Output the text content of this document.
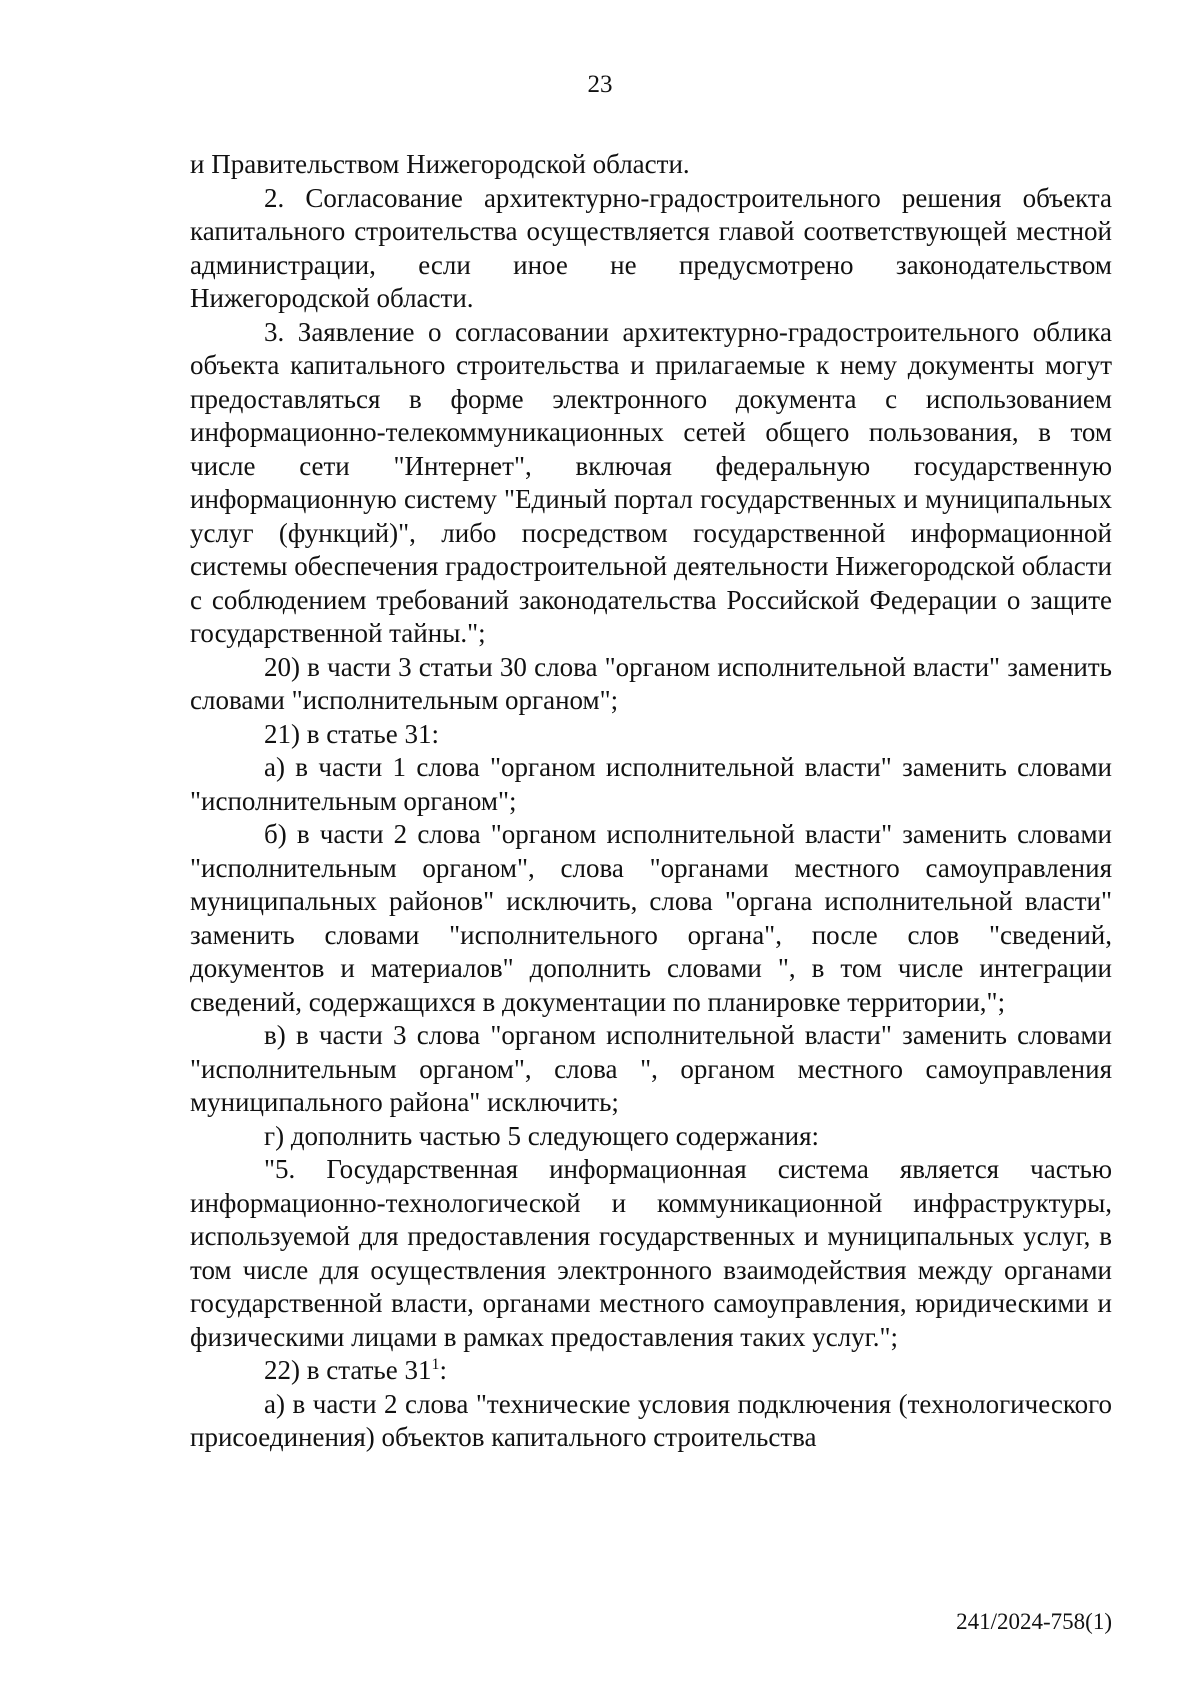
23

и Правительством Нижегородской области.

2. Согласование архитектурно-градостроительного решения объекта капитального строительства осуществляется главой соответствующей местной администрации, если иное не предусмотрено законодательством Нижегородской области.

3. Заявление о согласовании архитектурно-градостроительного облика объекта капитального строительства и прилагаемые к нему документы могут предоставляться в форме электронного документа с использованием информационно-телекоммуникационных сетей общего пользования, в том числе сети "Интернет", включая федеральную государственную информационную систему "Единый портал государственных и муниципальных услуг (функций)", либо посредством государственной информационной системы обеспечения градостроительной деятельности Нижегородской области с соблюдением требований законодательства Российской Федерации о защите государственной тайны.";

20) в части 3 статьи 30 слова "органом исполнительной власти" заменить словами "исполнительным органом";

21) в статье 31:

а) в части 1 слова "органом исполнительной власти" заменить словами "исполнительным органом";

б) в части 2 слова "органом исполнительной власти" заменить словами "исполнительным органом", слова "органами местного самоуправления муниципальных районов" исключить, слова "органа исполнительной власти" заменить словами "исполнительного органа", после слов "сведений, документов и материалов" дополнить словами ", в том числе интеграции сведений, содержащихся в документации по планировке территории,";

в) в части 3 слова "органом исполнительной власти" заменить словами "исполнительным органом", слова ", органом местного самоуправления муниципального района" исключить;

г) дополнить частью 5 следующего содержания:

"5. Государственная информационная система является частью информационно-технологической и коммуникационной инфраструктуры, используемой для предоставления государственных и муниципальных услуг, в том числе для осуществления электронного взаимодействия между органами государственной власти, органами местного самоуправления, юридическими и физическими лицами в рамках предоставления таких услуг.";

22) в статье $31^1$:

а) в части 2 слова "технические условия подключения (технологического присоединения) объектов капитального строительства

241/2024-758(1)
